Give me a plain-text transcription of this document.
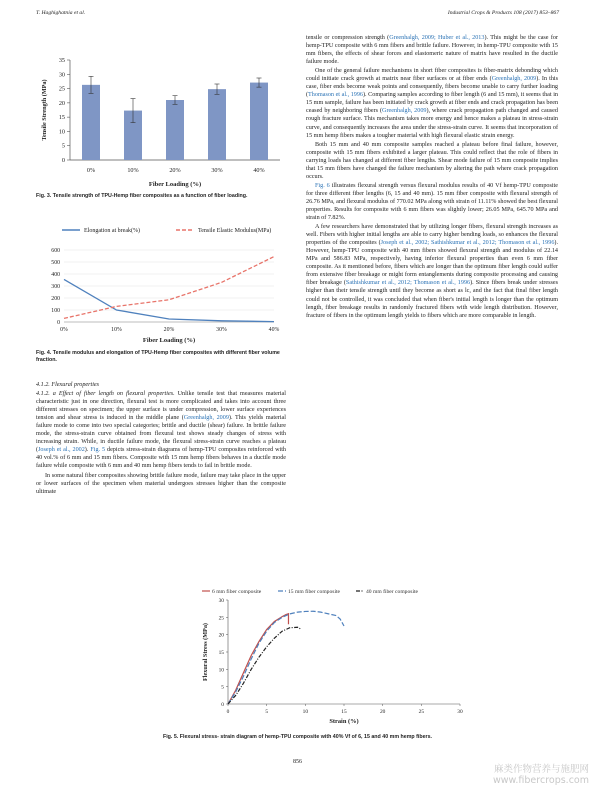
T. Haghighatnia et al.	Industrial Crops & Products 108 (2017) 853–867
0
5
10
15
20
25
30
35
0%	10%	20%	30%	40%
Fiber Loading (%)
Tensile Strength (MPa)
Fig. 3. Tensile strength of TPU-Hemp fiber composites as a function of fiber loading.
Elongation at break(%)	Tensile Elastic Modulus(MPa)
0
100
200
300
400
500
600
0%	10%	20%	30%	40%
Fiber Loading (%)
Fig. 4. Tensile modulus and elongation of TPU-Hemp fiber composites with different fiber volume fraction.

4.1.2. Flexural properties

4.1.2. a Effect of fiber length on flexural properties. Unlike tensile test that measures material characteristic just in one direction, flexural test is more complicated and takes into account three different stresses on specimen; the upper surface is under compression, lower surface experiences tension and shear stress is induced in the middle plane (Greenhalgh, 2009). This yields material failure mode to come into two special categories; brittle and ductile (shear) failure. In brittle failure mode, the stress-strain curve obtained from flexural test shows steady changes of stress with increasing strain. While, in ductile failure mode, the flexural stress-strain curve reaches a plateau (Joseph et al., 2002). Fig. 5 depicts stress-strain diagrams of hemp-TPU composites reinforced with 40 vol.% of 6 mm and 15 mm fibers. Composite with 15 mm hemp fibers behaves in a ductile mode failure while composite with 6 mm and 40 mm hemp fibers tends to fail in brittle mode.

In some natural fiber composites showing brittle failure mode, failure may take place in the upper or lower surfaces of the specimen when material undergoes stresses higher than the composite ultimate

tensile or compression strength (Greenhalgh, 2009; Huber et al., 2013). This might be the case for hemp-TPU composite with 6 mm fibers and brittle failure. However, in hemp-TPU composite with 15 mm fibers, the effects of shear forces and elastomeric nature of matrix have resulted in the ductile failure mode.

One of the general failure mechanisms in short fiber composites is fiber-matrix debonding which could initiate crack growth at matrix near fiber surfaces or at fiber ends (Greenhalgh, 2009). In this case, fiber ends become weak points and consequently, fibers become unable to carry further loading (Thomason et al., 1996). Comparing samples according to fiber length (6 and 15 mm), it seems that in 15 mm sample, failure has been initiated by crack growth at fiber ends and crack propagation has been ceased by neighboring fibers (Greenhalgh, 2009), where crack propagation path changed and caused rough fracture surface. This mechanism takes more energy and hence makes a plateau in stress-strain curve, and consequently increases the area under the stress-strain curve. It seems that incorporation of 15 mm hemp fibers makes a tougher material with high flexural elastic strain energy.

Both 15 mm and 40 mm composite samples reached a plateau before final failure, however, composite with 15 mm fibers exhibited a larger plateau. This could reflect that the role of fibers in carrying loads has changed at different fiber lengths. Shear mode failure of 15 mm composite implies that 15 mm fibers have changed the failure mechanism by altering the path where crack propagation occurs.

Fig. 6 illustrates flexural strength versus flexural modulus results of 40 Vf hemp-TPU composite for three different fiber lengths (6, 15 and 40 mm). 15 mm fiber composite with flexural strength of 26.76 MPa, and flexural modulus of 770.02 MPa along with strain of 11.11% showed the best flexural properties. Results for composite with 6 mm fibers was slightly lower; 26.05 MPa, 645.70 MPa and strain of 7.82%.

A few researchers have demonstrated that by utilizing longer fibers, flexural strength increases as well. Fibers with higher initial lengths are able to carry higher bending loads, so enhances the flexural properties of the composites (Joseph et al., 2002; Sathishkumar et al., 2012; Thomason et al., 1996). However, hemp-TPU composite with 40 mm fibers showed flexural strength and modulus of 22.14 MPa and 586.83 MPa, respectively, having inferior flexural properties than even 6 mm fiber composite. As it mentioned before, fibers which are longer than the optimum fiber length could suffer from extensive fiber breakage or might form entanglements during composite processing and causing fiber breakage (Sathishkumar et al., 2012; Thomason et al., 1996). Since fibers break under stresses higher than their tensile strength until they become as short as lc, and the fact that final fiber length could not be controlled, it was concluded that when fiber's initial length is longer than the optimum length, fiber breakage results in randomly fractured fibers with wide length distribution. However, fracture of fibers in the optimum length yields to fibers which are more comparable in length.

6 mm fiber composite	15 mm fiber composite	40 mm fiber composite
0
5
10
15
20
25
30
0	5	10	15	20	25	30
Strain (%)
Flexural Stress (MPa)
Fig. 5. Flexural stress- strain diagram of hemp-TPU composite with 40% Vf of 6, 15 and 40 mm hemp fibers.
856
麻类作物营养与施肥网
www.fibercrops.com
